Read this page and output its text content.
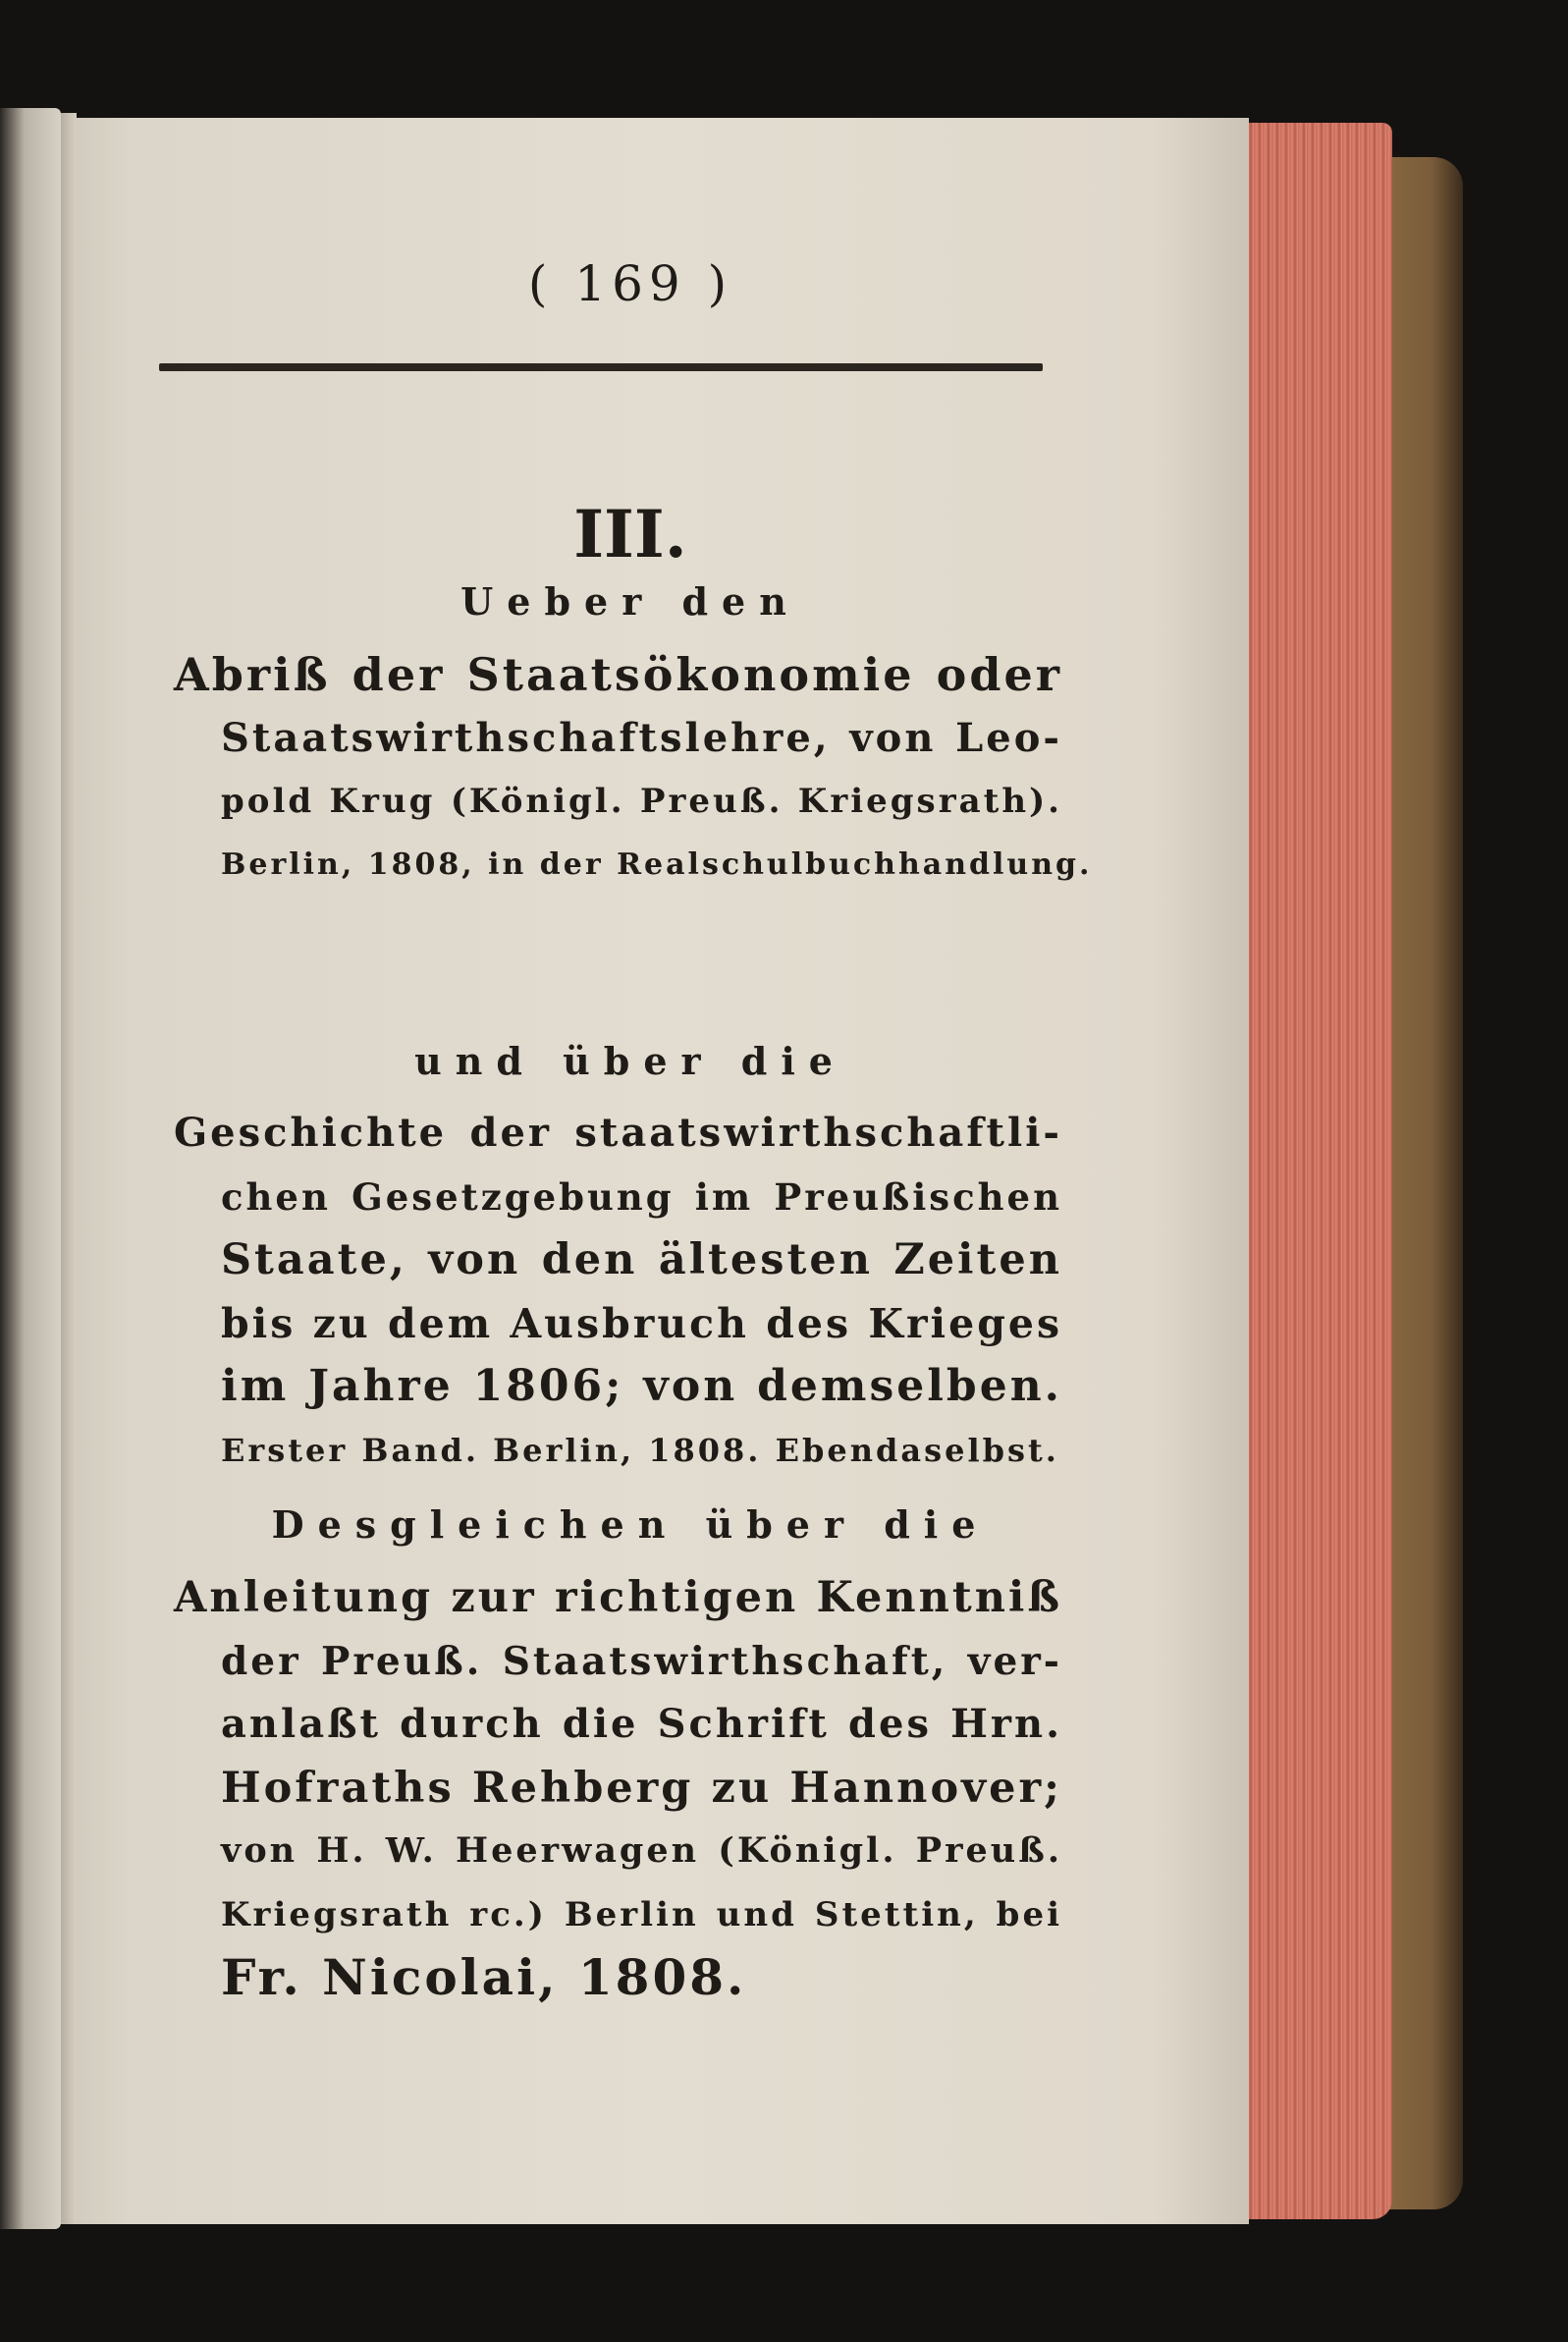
( 169 )
III.
Ueber den
Abriß der Staatsökonomie oder
Staatswirthschaftslehre, von Leo-
pold Krug (Königl. Preuß. Kriegsrath).
Berlin, 1808, in der Realschulbuchhandlung.
und über die
Geschichte der staatswirthschaftli-
chen Gesetzgebung im Preußischen
Staate, von den ältesten Zeiten
bis zu dem Ausbruch des Krieges
im Jahre 1806; von demselben.
Erster Band. Berlin, 1808. Ebendaselbst.
Desgleichen über die
Anleitung zur richtigen Kenntniß
der Preuß. Staatswirthschaft, ver-
anlaßt durch die Schrift des Hrn.
Hofraths Rehberg zu Hannover;
von H. W. Heerwagen (Königl. Preuß.
Kriegsrath rc.) Berlin und Stettin, bei
Fr. Nicolai, 1808.
